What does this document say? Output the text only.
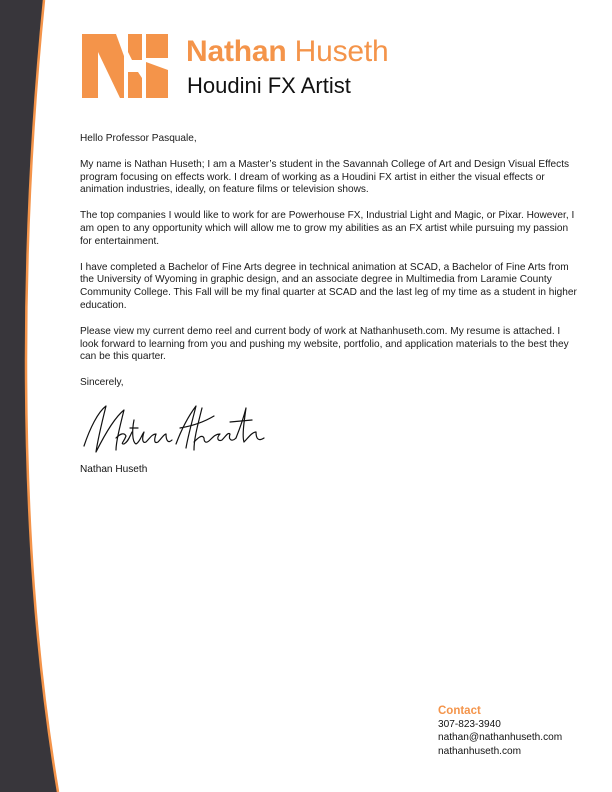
Nathan Huseth
Houdini FX Artist

Hello Professor Pasquale,

My name is Nathan Huseth; I am a Master’s student in the Savannah College of Art and Design Visual Effects program focusing on effects work. I dream of working as a Houdini FX artist in either the visual effects or animation industries, ideally, on feature films or television shows.

The top companies I would like to work for are Powerhouse FX, Industrial Light and Magic, or Pixar. However, I am open to any opportunity which will allow me to grow my abilities as an FX artist while pursuing my passion for entertainment.

I have completed a Bachelor of Fine Arts degree in technical animation at SCAD, a Bachelor of Fine Arts from the University of Wyoming in graphic design, and an associate degree in Multimedia from Laramie County Community College. This Fall will be my final quarter at SCAD and the last leg of my time as a student in higher education.

Please view my current demo reel and current body of work at Nathanhuseth.com. My resume is attached. I look forward to learning from you and pushing my website, portfolio, and application materials to the best they can be this quarter.

Sincerely,

Nathan Huseth
Contact
307-823-3940
nathan@nathanhuseth.com
nathanhuseth.com
